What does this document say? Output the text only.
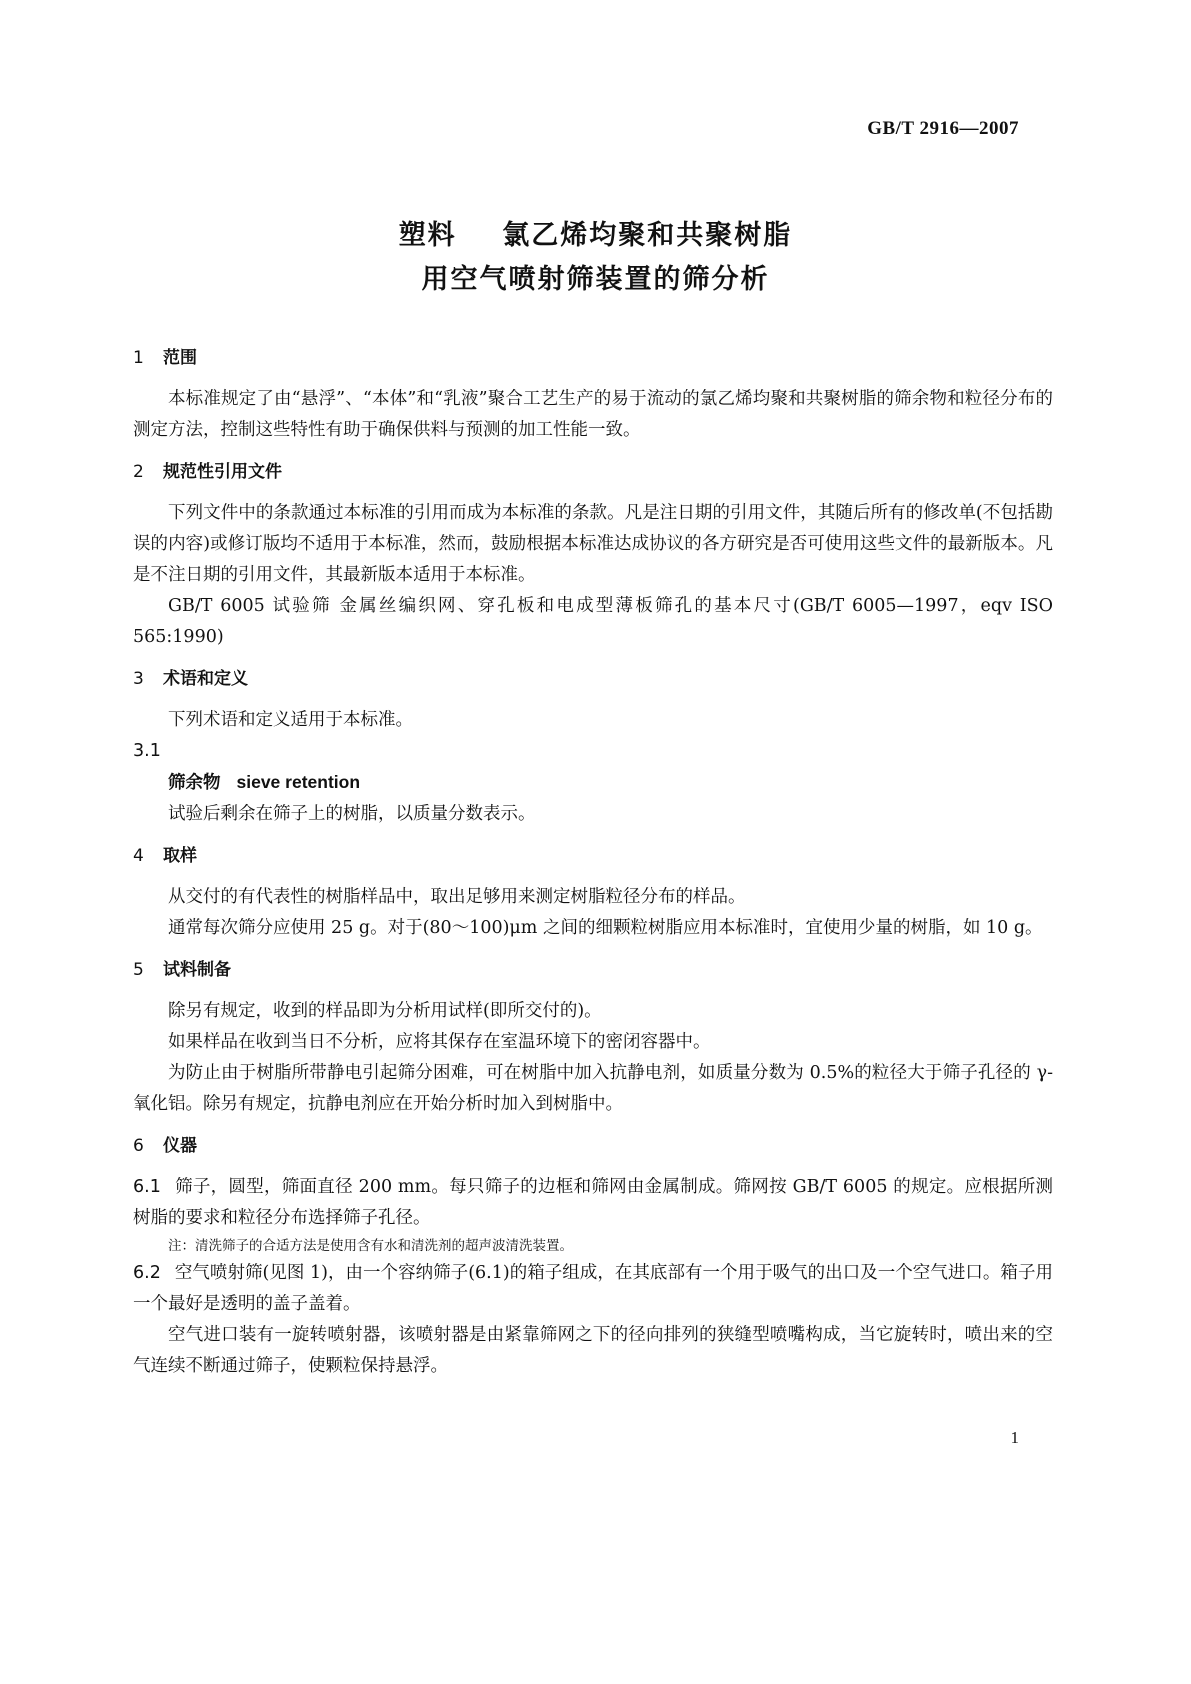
GB/T 2916—2007
塑料    氯乙烯均聚和共聚树脂
用空气喷射筛装置的筛分析
1 范围

本标准规定了由“悬浮”、“本体”和“乳液”聚合工艺生产的易于流动的氯乙烯均聚和共聚树脂的筛余物和粒径分布的测定方法，控制这些特性有助于确保供料与预测的加工性能一致。

2 规范性引用文件

下列文件中的条款通过本标准的引用而成为本标准的条款。凡是注日期的引用文件，其随后所有的修改单(不包括勘误的内容)或修订版均不适用于本标准，然而，鼓励根据本标准达成协议的各方研究是否可使用这些文件的最新版本。凡是不注日期的引用文件，其最新版本适用于本标准。

GB/T 6005 试验筛 金属丝编织网、穿孔板和电成型薄板筛孔的基本尺寸(GB/T 6005—1997，eqv ISO 565:1990)

3 术语和定义

下列术语和定义适用于本标准。

3.1
筛余物 sieve retention
试验后剩余在筛子上的树脂，以质量分数表示。
4 取样

从交付的有代表性的树脂样品中，取出足够用来测定树脂粒径分布的样品。

通常每次筛分应使用 25 g。对于(80～100)μm 之间的细颗粒树脂应用本标准时，宜使用少量的树脂，如 10 g。

5 试料制备

除另有规定，收到的样品即为分析用试样(即所交付的)。

如果样品在收到当日不分析，应将其保存在室温环境下的密闭容器中。

为防止由于树脂所带静电引起筛分困难，可在树脂中加入抗静电剂，如质量分数为 0.5%的粒径大于筛子孔径的 γ-氧化铝。除另有规定，抗静电剂应在开始分析时加入到树脂中。

6 仪器

6.1 筛子，圆型，筛面直径 200 mm。每只筛子的边框和筛网由金属制成。筛网按 GB/T 6005 的规定。应根据所测树脂的要求和粒径分布选择筛子孔径。

注：清洗筛子的合适方法是使用含有水和清洗剂的超声波清洗装置。

6.2 空气喷射筛(见图 1)，由一个容纳筛子(6.1)的箱子组成，在其底部有一个用于吸气的出口及一个空气进口。箱子用一个最好是透明的盖子盖着。

空气进口装有一旋转喷射器，该喷射器是由紧靠筛网之下的径向排列的狭缝型喷嘴构成，当它旋转时，喷出来的空气连续不断通过筛子，使颗粒保持悬浮。

1
